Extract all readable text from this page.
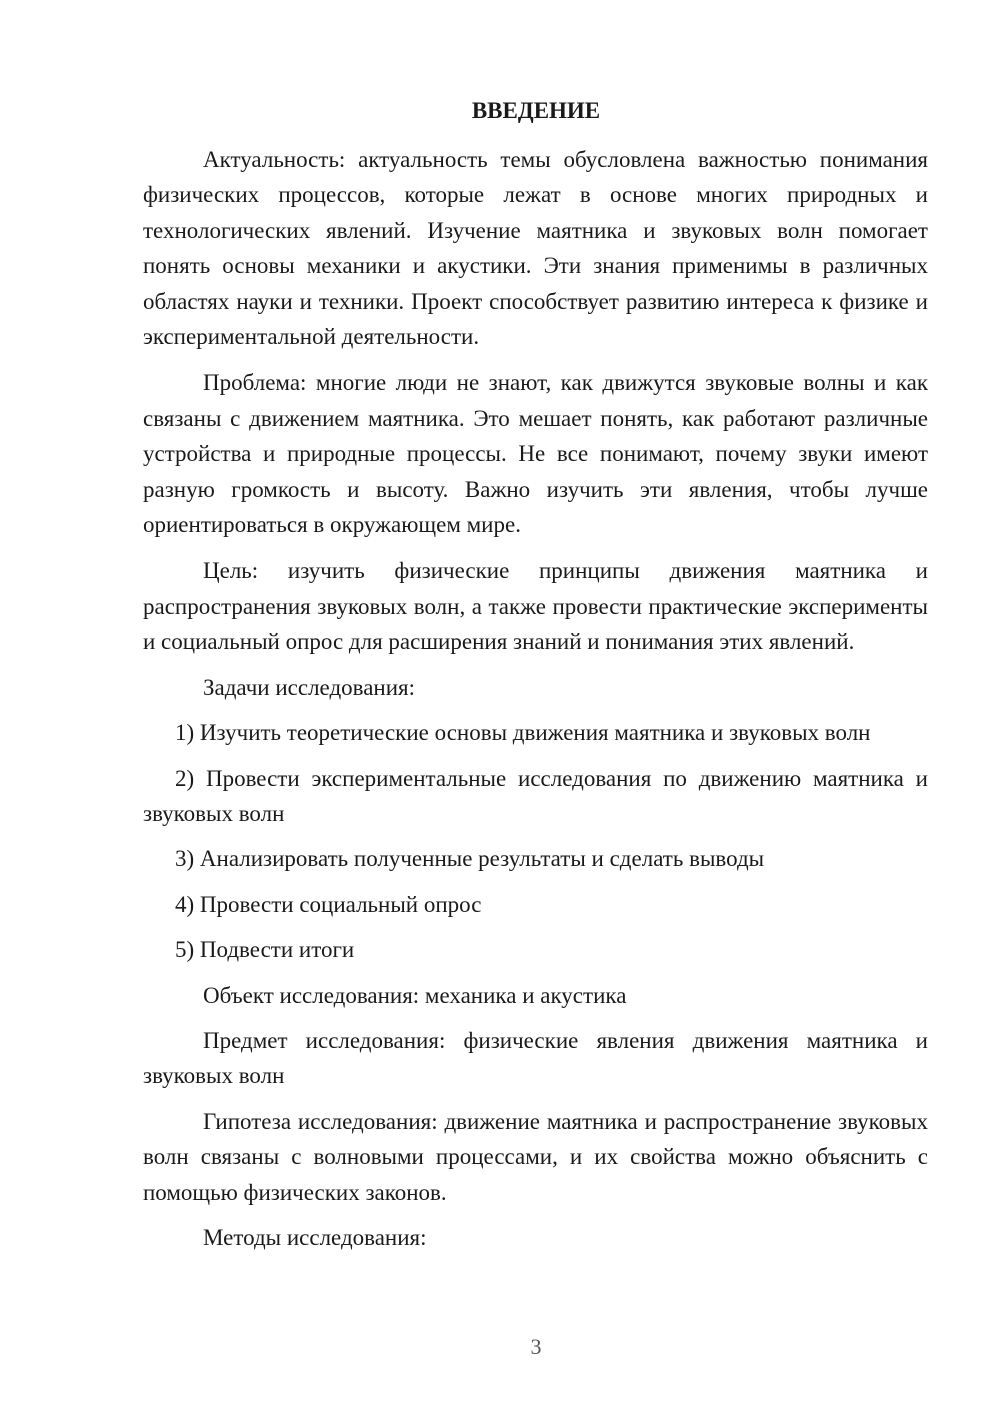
ВВЕДЕНИЕ

Актуальность: актуальность темы обусловлена важностью понимания физических процессов, которые лежат в основе многих природных и технологических явлений. Изучение маятника и звуковых волн помогает понять основы механики и акустики. Эти знания применимы в различных областях науки и техники. Проект способствует развитию интереса к физике и экспериментальной деятельности.

Проблема: многие люди не знают, как движутся звуковые волны и как связаны с движением маятника. Это мешает понять, как работают различные устройства и природные процессы. Не все понимают, почему звуки имеют разную громкость и высоту. Важно изучить эти явления, чтобы лучше ориентироваться в окружающем мире.

Цель: изучить физические принципы движения маятника и распространения звуковых волн, а также провести практические эксперименты и социальный опрос для расширения знаний и понимания этих явлений.

Задачи исследования:

1) Изучить теоретические основы движения маятника и звуковых волн

2) Провести экспериментальные исследования по движению маятника и звуковых волн

3) Анализировать полученные результаты и сделать выводы

4) Провести социальный опрос

5) Подвести итоги

Объект исследования: механика и акустика

Предмет исследования: физические явления движения маятника и звуковых волн

Гипотеза исследования: движение маятника и распространение звуковых волн связаны с волновыми процессами, и их свойства можно объяснить с помощью физических законов.

Методы исследования:

3
